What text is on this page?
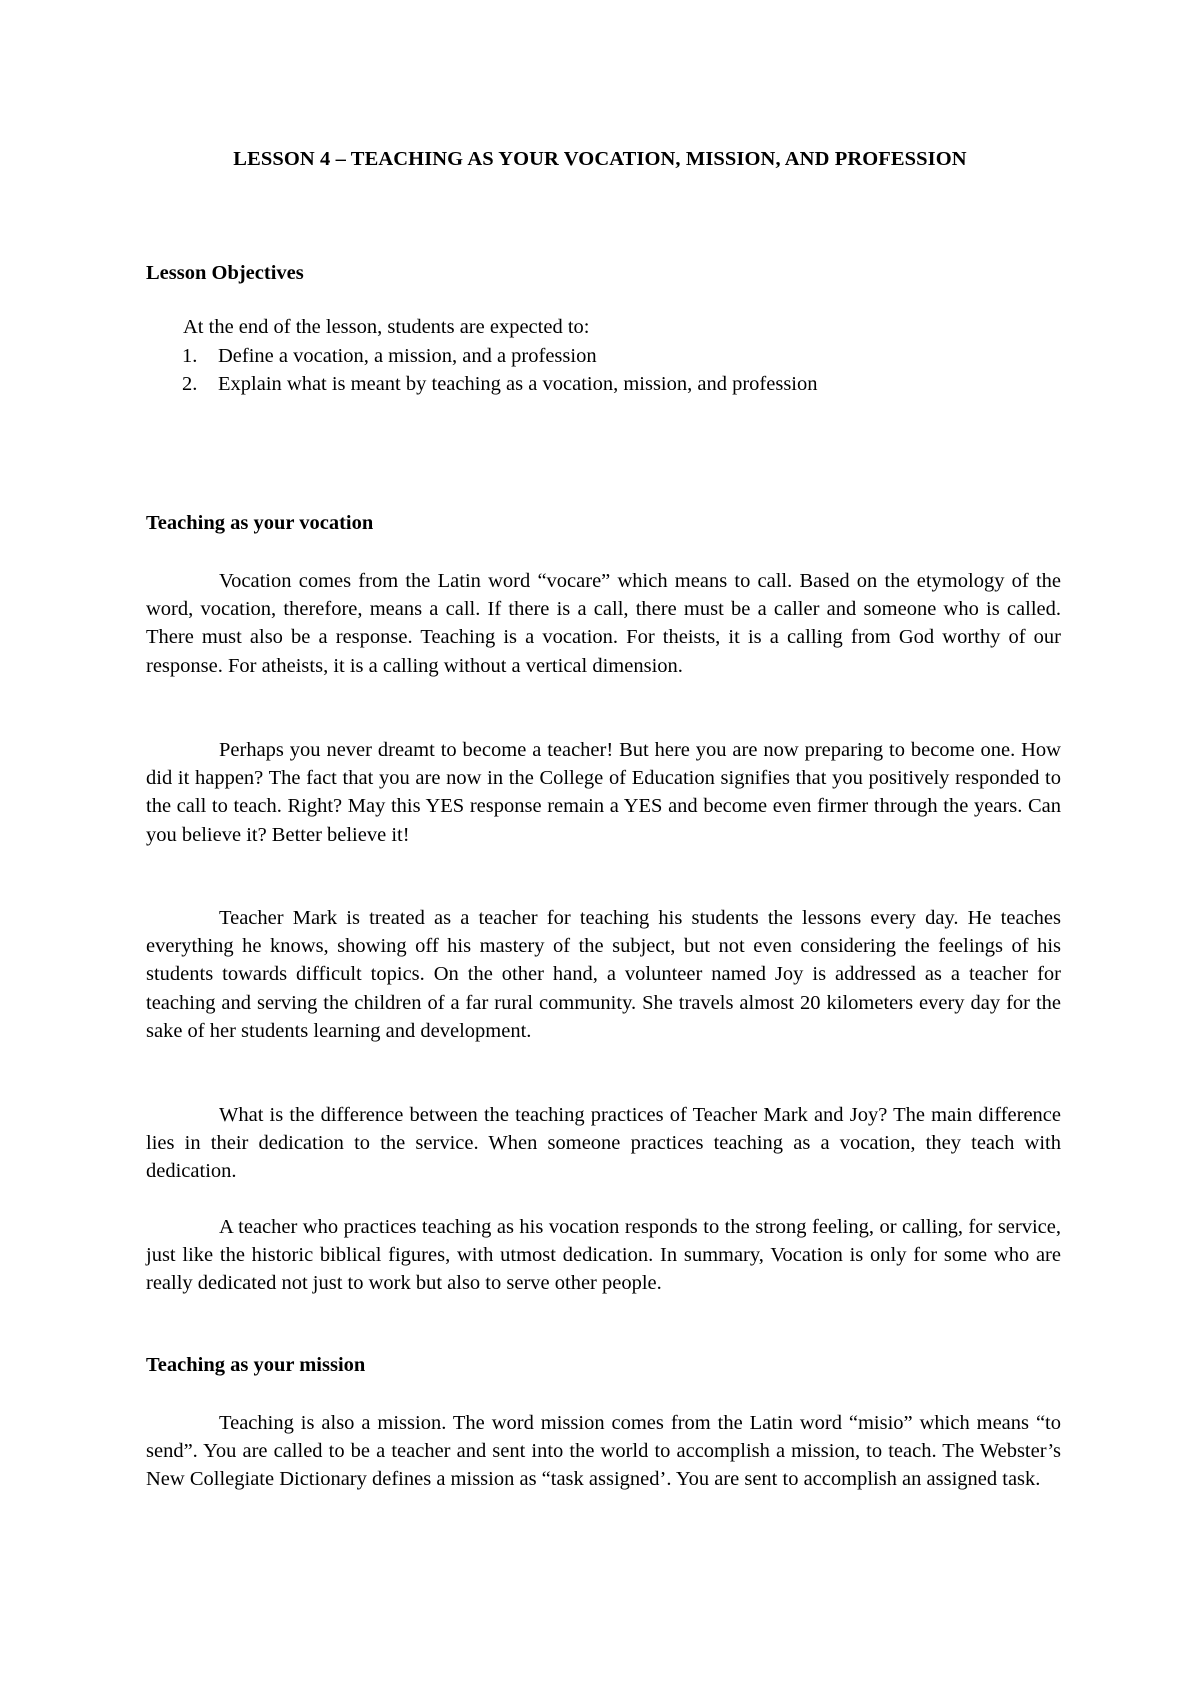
LESSON 4 – TEACHING AS YOUR VOCATION, MISSION, AND PROFESSION
Lesson Objectives
At the end of the lesson, students are expected to:
1. Define a vocation, a mission, and a profession
2. Explain what is meant by teaching as a vocation, mission, and profession
Teaching as your vocation

Vocation comes from the Latin word “vocare” which means to call. Based on the etymology of the word, vocation, therefore, means a call. If there is a call, there must be a caller and someone who is called. There must also be a response. Teaching is a vocation. For theists, it is a calling from God worthy of our response. For atheists, it is a calling without a vertical dimension.

Perhaps you never dreamt to become a teacher! But here you are now preparing to become one. How did it happen? The fact that you are now in the College of Education signifies that you positively responded to the call to teach. Right? May this YES response remain a YES and become even firmer through the years. Can you believe it? Better believe it!

Teacher Mark is treated as a teacher for teaching his students the lessons every day. He teaches everything he knows, showing off his mastery of the subject, but not even considering the feelings of his students towards difficult topics. On the other hand, a volunteer named Joy is addressed as a teacher for teaching and serving the children of a far rural community. She travels almost 20 kilometers every day for the sake of her students learning and development.

What is the difference between the teaching practices of Teacher Mark and Joy? The main difference lies in their dedication to the service. When someone practices teaching as a vocation, they teach with dedication.

A teacher who practices teaching as his vocation responds to the strong feeling, or calling, for service, just like the historic biblical figures, with utmost dedication. In summary, Vocation is only for some who are really dedicated not just to work but also to serve other people.

Teaching as your mission

Teaching is also a mission. The word mission comes from the Latin word “misio” which means “to send”. You are called to be a teacher and sent into the world to accomplish a mission, to teach. The Webster’s New Collegiate Dictionary defines a mission as “task assigned’. You are sent to accomplish an assigned task.
